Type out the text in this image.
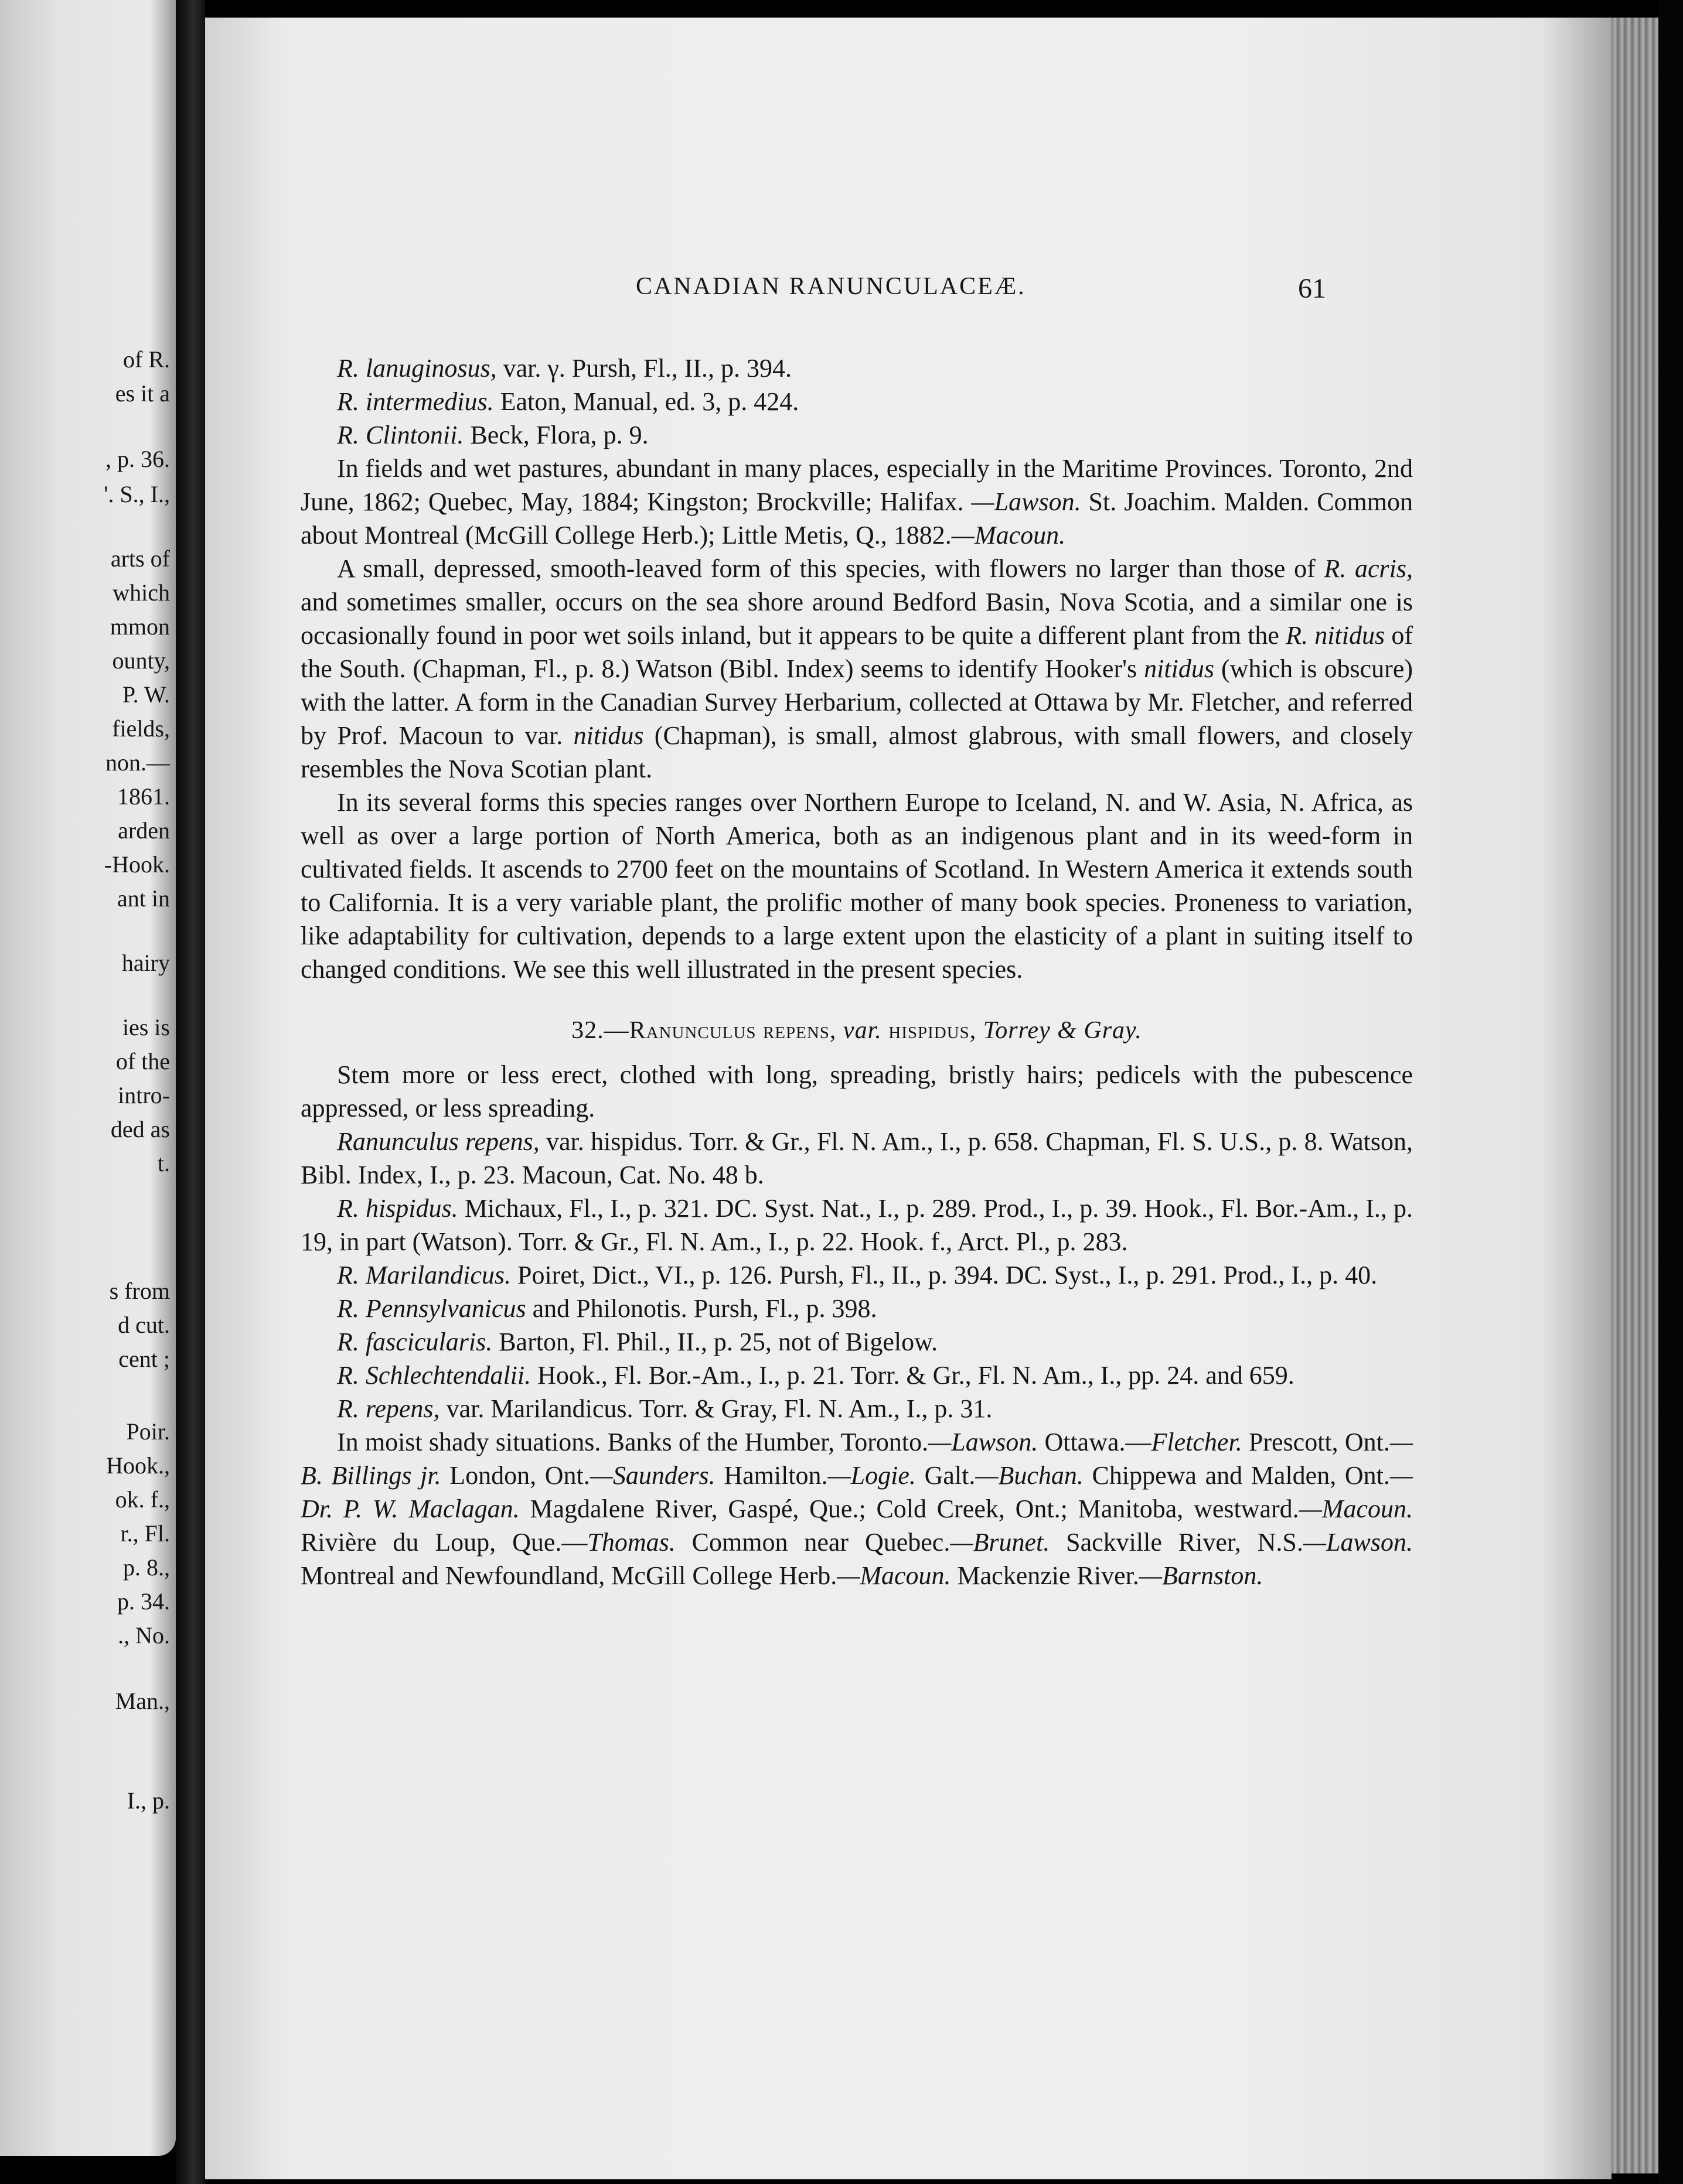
of R.
es it a
, p. 36.
'. S., I.,
arts of
which
mmon
ounty,
P. W.
fields,
non.—
1861.
arden
-Hook.
ant in
hairy
ies is
of the
intro-
ded as
t.
s from
d cut.
cent ;
Poir.
Hook.,
ok. f.,
r., Fl.
p. 8.,
p. 34.
., No.
Man.,
I., p.
CANADIAN RANUNCULACEÆ.	61

R. lanuginosus, var. γ. Pursh, Fl., II., p. 394.

R. intermedius. Eaton, Manual, ed. 3, p. 424.

R. Clintonii. Beck, Flora, p. 9.

In fields and wet pastures, abundant in many places, especially in the Maritime Provinces. Toronto, 2nd June, 1862; Quebec, May, 1884; Kingston; Brockville; Halifax. —Lawson. St. Joachim. Malden. Common about Montreal (McGill College Herb.); Little Metis, Q., 1882.—Macoun.

A small, depressed, smooth-leaved form of this species, with flowers no larger than those of R. acris, and sometimes smaller, occurs on the sea shore around Bedford Basin, Nova Scotia, and a similar one is occasionally found in poor wet soils inland, but it appears to be quite a different plant from the R. nitidus of the South. (Chapman, Fl., p. 8.) Watson (Bibl. Index) seems to identify Hooker's nitidus (which is obscure) with the latter. A form in the Canadian Survey Herbarium, collected at Ottawa by Mr. Fletcher, and referred by Prof. Macoun to var. nitidus (Chapman), is small, almost glabrous, with small flowers, and closely resembles the Nova Scotian plant.

In its several forms this species ranges over Northern Europe to Iceland, N. and W. Asia, N. Africa, as well as over a large portion of North America, both as an indigenous plant and in its weed-form in cultivated fields. It ascends to 2700 feet on the mountains of Scotland. In Western America it extends south to California. It is a very variable plant, the prolific mother of many book species. Proneness to variation, like adaptability for cultivation, depends to a large extent upon the elasticity of a plant in suiting itself to changed conditions. We see this well illustrated in the present species.

32.—Ranunculus repens, var. hispidus, Torrey & Gray.

Stem more or less erect, clothed with long, spreading, bristly hairs; pedicels with the pubescence appressed, or less spreading.

Ranunculus repens, var. hispidus. Torr. & Gr., Fl. N. Am., I., p. 658. Chapman, Fl. S. U.S., p. 8. Watson, Bibl. Index, I., p. 23. Macoun, Cat. No. 48 b.

R. hispidus. Michaux, Fl., I., p. 321. DC. Syst. Nat., I., p. 289. Prod., I., p. 39. Hook., Fl. Bor.-Am., I., p. 19, in part (Watson). Torr. & Gr., Fl. N. Am., I., p. 22. Hook. f., Arct. Pl., p. 283.

R. Marilandicus. Poiret, Dict., VI., p. 126. Pursh, Fl., II., p. 394. DC. Syst., I., p. 291. Prod., I., p. 40.

R. Pennsylvanicus and Philonotis. Pursh, Fl., p. 398.

R. fascicularis. Barton, Fl. Phil., II., p. 25, not of Bigelow.

R. Schlechtendalii. Hook., Fl. Bor.-Am., I., p. 21. Torr. & Gr., Fl. N. Am., I., pp. 24. and 659.

R. repens, var. Marilandicus. Torr. & Gray, Fl. N. Am., I., p. 31.

In moist shady situations. Banks of the Humber, Toronto.—Lawson. Ottawa.—Fletcher. Prescott, Ont.—B. Billings jr. London, Ont.—Saunders. Hamilton.—Logie. Galt.—Buchan. Chippewa and Malden, Ont.—Dr. P. W. Maclagan. Magdalene River, Gaspé, Que.; Cold Creek, Ont.; Manitoba, westward.—Macoun. Rivière du Loup, Que.—Thomas. Common near Quebec.—Brunet. Sackville River, N.S.—Lawson. Montreal and Newfoundland, McGill College Herb.—Macoun. Mackenzie River.—Barnston.
